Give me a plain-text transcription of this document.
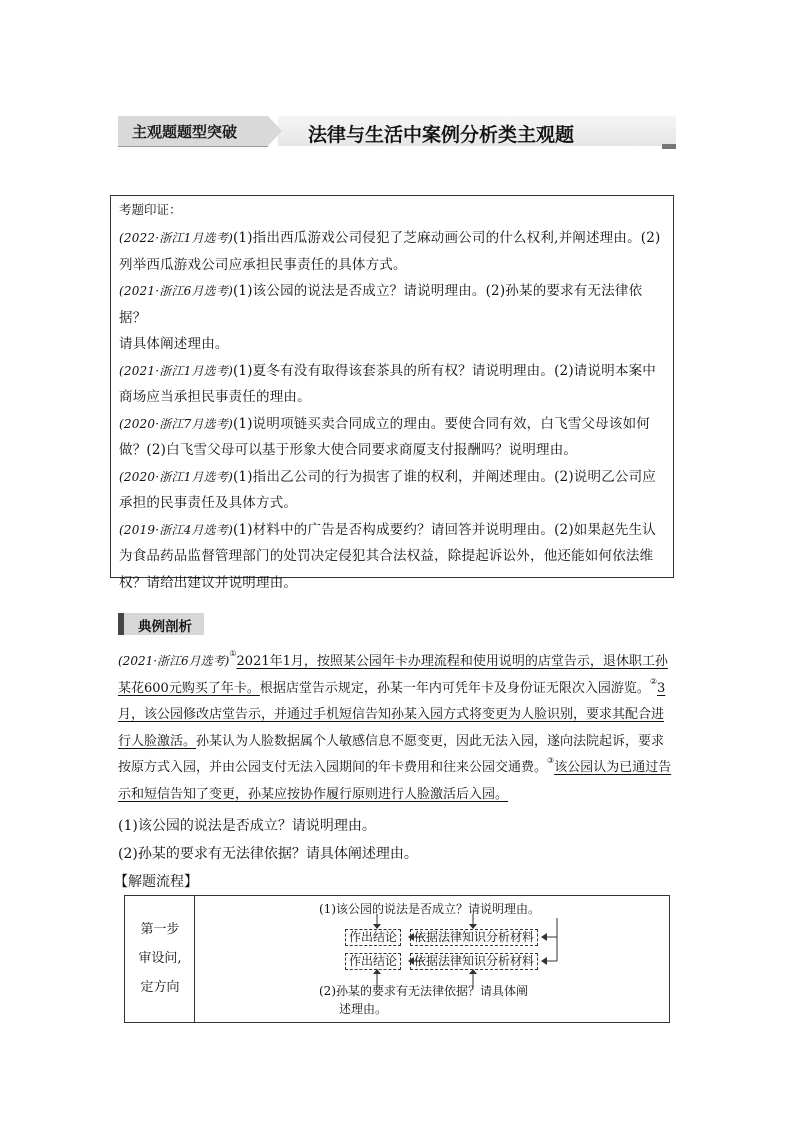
主观题题型突破	法律与生活中案例分析类主观题
考题印证：

(2022·浙江1月选考)(1)指出西瓜游戏公司侵犯了芝麻动画公司的什么权利,并阐述理由。(2)

列举西瓜游戏公司应承担民事责任的具体方式。

(2021·浙江6月选考)(1)该公园的说法是否成立？请说明理由。(2)孙某的要求有无法律依据？

请具体阐述理由。

(2021·浙江1月选考)(1)夏冬有没有取得该套茶具的所有权？请说明理由。(2)请说明本案中

商场应当承担民事责任的理由。

(2020·浙江7月选考)(1)说明项链买卖合同成立的理由。要使合同有效，白飞雪父母该如何

做？(2)白飞雪父母可以基于形象大使合同要求商厦支付报酬吗？说明理由。

(2020·浙江1月选考)(1)指出乙公司的行为损害了谁的权利，并阐述理由。(2)说明乙公司应

承担的民事责任及具体方式。

(2019·浙江4月选考)(1)材料中的广告是否构成要约？请回答并说明理由。(2)如果赵先生认

为食品药品监督管理部门的处罚决定侵犯其合法权益，除提起诉讼外，他还能如何依法维

权？请给出建议并说明理由。

典例剖析

(2021·浙江6月选考)①2021年1月，按照某公园年卡办理流程和使用说明的店堂告示，退休职工孙某花600元购买了年卡。根据店堂告示规定，孙某一年内可凭年卡及身份证无限次入园游览。②3月，该公园修改店堂告示，并通过手机短信告知孙某入园方式将变更为人脸识别，要求其配合进行人脸激活。孙某认为人脸数据属个人敏感信息不愿变更，因此无法入园，遂向法院起诉，要求按原方式入园，并由公园支付无法入园期间的年卡费用和往来公园交通费。③该公园认为已通过告示和短信告知了变更，孙某应按协作履行原则进行人脸激活后入园。

(1)该公园的说法是否成立？请说明理由。
(2)孙某的要求有无法律依据？请具体阐述理由。
【解题流程】
第一步
审设问,
定方向
(1)该公园的说法是否成立？请说明理由。
作出结论	依据法律知识分析材料
作出结论	依据法律知识分析材料
(2)孙某的要求有无法律依据？请具体阐
述理由。
